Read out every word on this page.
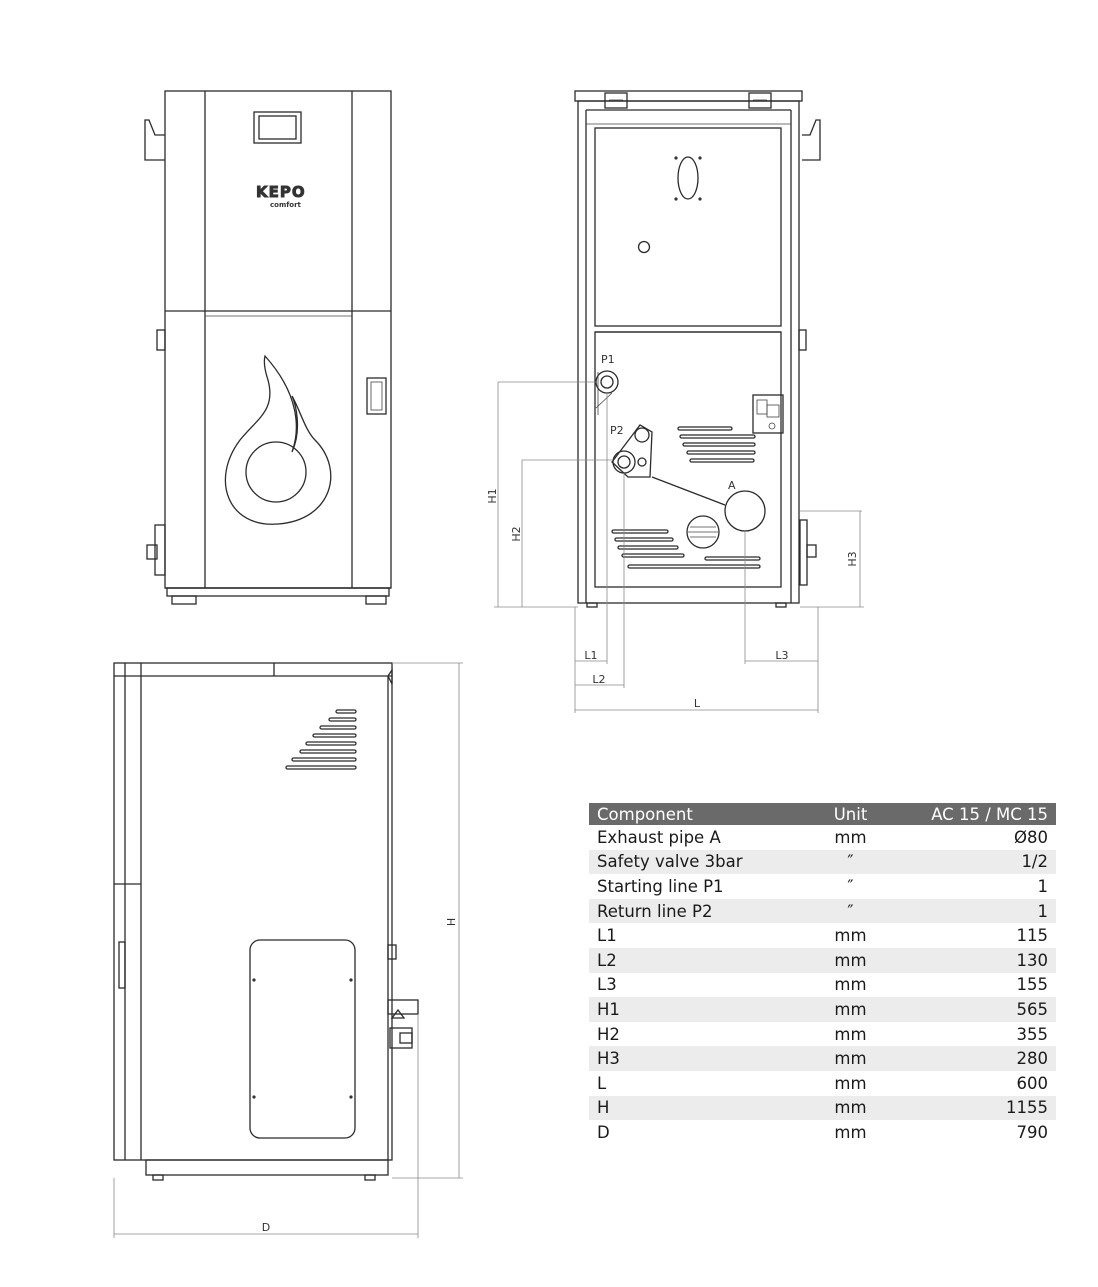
KEPO
comfort
P1
P2
A
H1
H2
H3
L1
L2
L3
L
H
D
Component	Unit	AC 15 / MC 15
Exhaust pipe A	mm	Ø80
Safety valve 3bar	″	1/2
Starting line P1	″	1
Return line P2	″	1
L1	mm	115
L2	mm	130
L3	mm	155
H1	mm	565
H2	mm	355
H3	mm	280
L	mm	600
H	mm	1155
D	mm	790
